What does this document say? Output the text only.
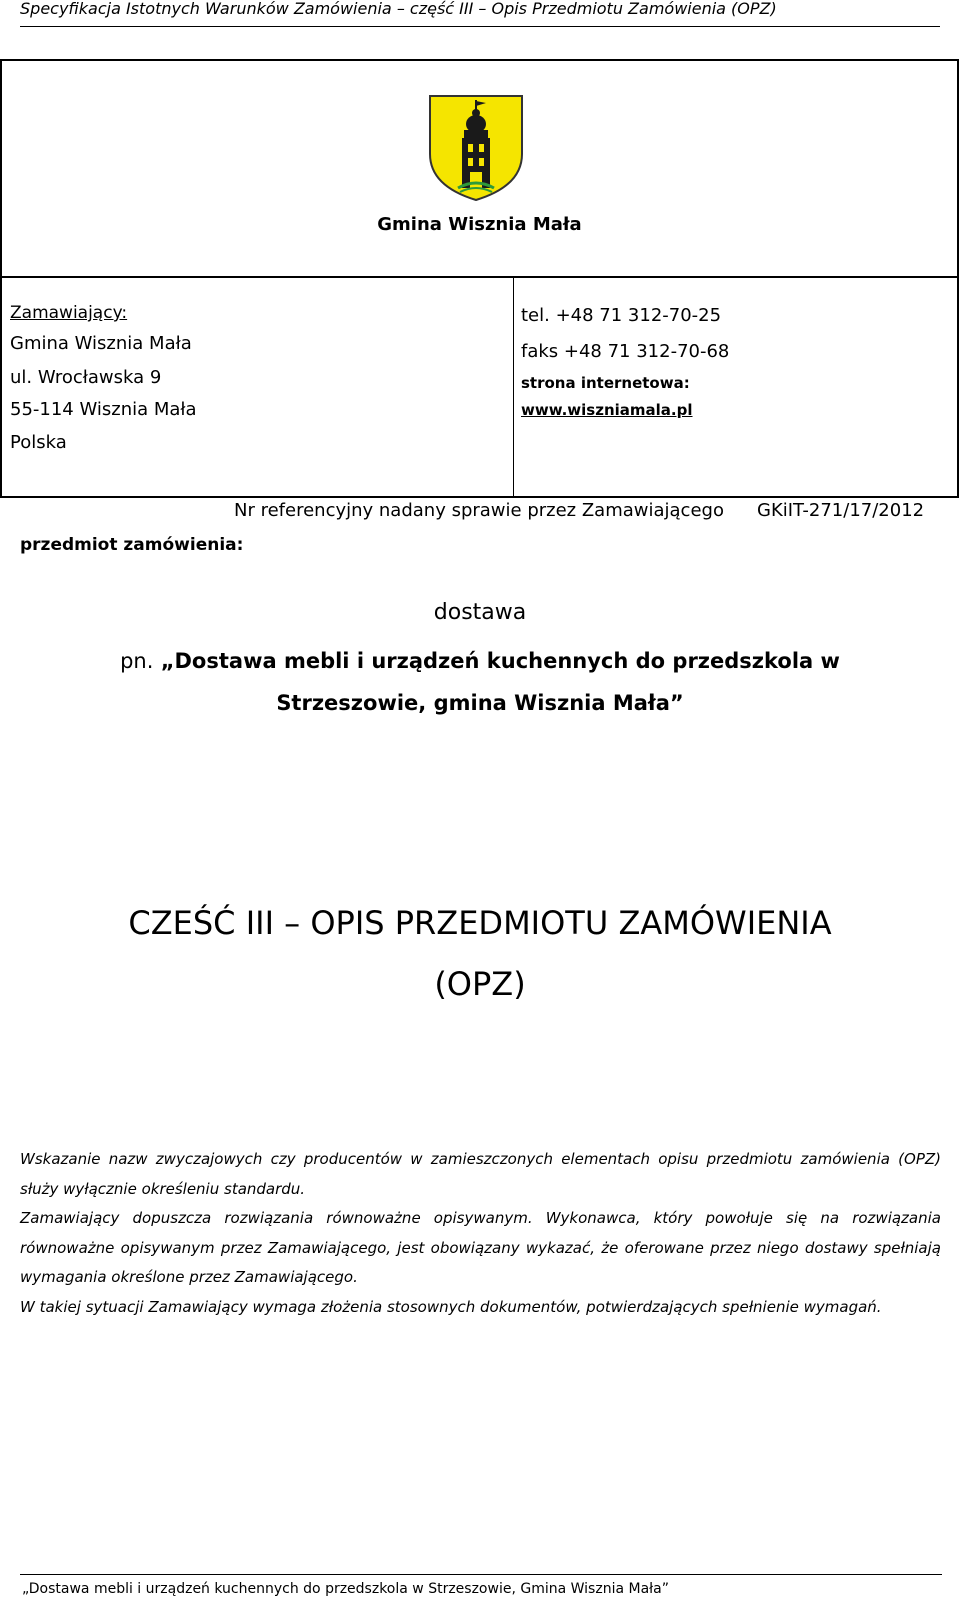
Specyfikacja Istotnych Warunków Zamówienia – część III – Opis Przedmiotu Zamówienia (OPZ)
Gmina Wisznia Mała
Zamawiający:
Gmina Wisznia Mała
ul. Wrocławska 9
55-114 Wisznia Mała
Polska
tel. +48 71 312-70-25
faks +48 71 312-70-68
strona internetowa:
www.wiszniamala.pl
Nr referencyjny nadany sprawie przez Zamawiającego GKiIT-271/17/2012
przedmiot zamówienia:
dostawa
pn. „Dostawa mebli i urządzeń kuchennych do przedszkola w
Strzeszowie, gmina Wisznia Mała”
CZEŚĆ III – OPIS PRZEDMIOTU ZAMÓWIENIA
(OPZ)

Wskazanie nazw zwyczajowych czy producentów w zamieszczonych elementach opisu przedmiotu zamówienia (OPZ) służy wyłącznie określeniu standardu.

Zamawiający dopuszcza rozwiązania równoważne opisywanym. Wykonawca, który powołuje się na rozwiązania równoważne opisywanym przez Zamawiającego, jest obowiązany wykazać, że oferowane przez niego dostawy spełniają wymagania określone przez Zamawiającego.

W takiej sytuacji Zamawiający wymaga złożenia stosownych dokumentów, potwierdzających spełnienie wymagań.

„Dostawa mebli i urządzeń kuchennych do przedszkola w Strzeszowie, Gmina Wisznia Mała”
